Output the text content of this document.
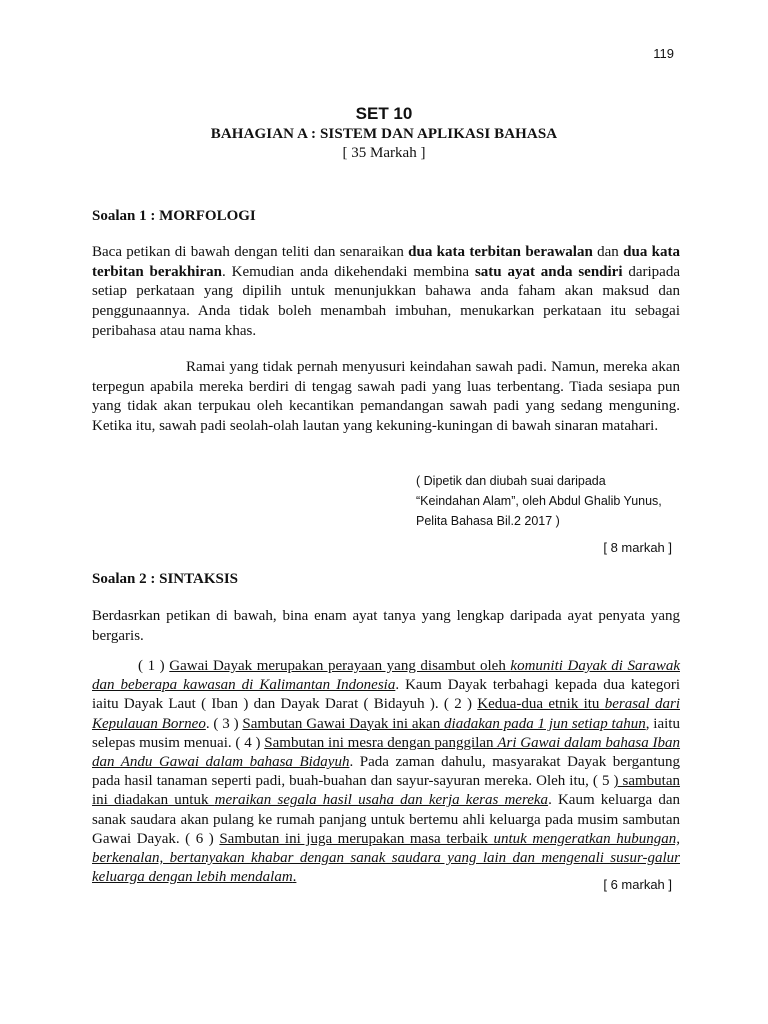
119
SET 10
BAHAGIAN A : SISTEM DAN APLIKASI BAHASA
[ 35 Markah ]
Soalan 1 : MORFOLOGI
Baca petikan di bawah dengan teliti dan senaraikan dua kata terbitan berawalan dan dua kata terbitan berakhiran. Kemudian anda dikehendaki membina satu ayat anda sendiri daripada setiap perkataan yang dipilih untuk menunjukkan bahawa anda faham akan maksud dan penggunaannya. Anda tidak boleh menambah imbuhan, menukarkan perkataan itu sebagai peribahasa atau nama khas.
Ramai yang tidak pernah menyusuri keindahan sawah padi. Namun, mereka akan terpegun apabila mereka berdiri di tengag sawah padi yang luas terbentang. Tiada sesiapa pun yang tidak akan terpukau oleh kecantikan pemandangan sawah padi yang sedang menguning. Ketika itu, sawah padi seolah-olah lautan yang kekuning-kuningan di bawah sinaran matahari.
( Dipetik dan diubah suai daripada
“Keindahan Alam”, oleh Abdul Ghalib Yunus,
Pelita Bahasa Bil.2 2017 )
[ 8 markah ]
Soalan 2 : SINTAKSIS
Berdasrkan petikan di bawah, bina enam ayat tanya yang lengkap daripada ayat penyata yang bergaris.
( 1 ) Gawai Dayak merupakan perayaan yang disambut oleh komuniti Dayak di Sarawak dan beberapa kawasan di Kalimantan Indonesia. Kaum Dayak terbahagi kepada dua kategori iaitu Dayak Laut ( Iban ) dan Dayak Darat ( Bidayuh ). ( 2 ) Kedua-dua etnik itu berasal dari Kepulauan Borneo. ( 3 ) Sambutan Gawai Dayak ini akan diadakan pada 1 jun setiap tahun, iaitu selepas musim menuai. ( 4 ) Sambutan ini mesra dengan panggilan Ari Gawai dalam bahasa Iban dan Andu Gawai dalam bahasa Bidayuh. Pada zaman dahulu, masyarakat Dayak bergantung pada hasil tanaman seperti padi, buah-buahan dan sayur-sayuran mereka. Oleh itu, ( 5 ) sambutan ini diadakan untuk meraikan segala hasil usaha dan kerja keras mereka. Kaum keluarga dan sanak saudara akan pulang ke rumah panjang untuk bertemu ahli keluarga pada musim sambutan Gawai Dayak. ( 6 ) Sambutan ini juga merupakan masa terbaik untuk mengeratkan hubungan, berkenalan, bertanyakan khabar dengan sanak saudara yang lain dan mengenali susur-galur keluarga dengan lebih mendalam.	[ 6 markah ]
